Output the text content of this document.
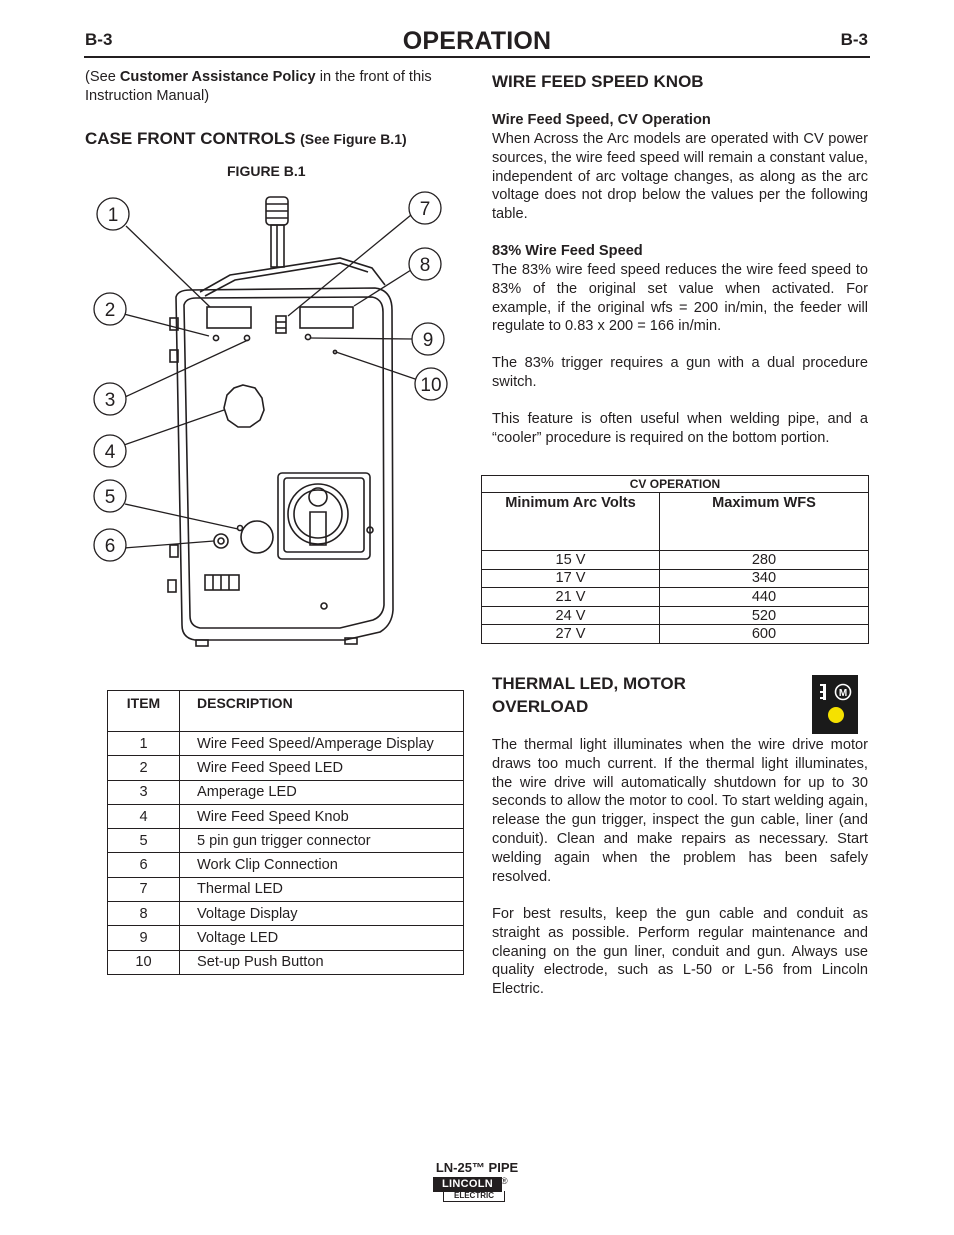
B-3	OPERATION	B-3
(See Customer Assistance Policy in the front of this Instruction Manual)
CASE FRONT CONTROLS (See Figure B.1)
FIGURE B.1
1
2
3
4
5
6
7
8
9
10
ITEM	DESCRIPTION
1	Wire Feed Speed/Amperage Display
2	Wire Feed Speed LED
3	Amperage LED
4	Wire Feed Speed Knob
5	5 pin gun trigger connector
6	Work Clip Connection
7	Thermal LED
8	Voltage Display
9	Voltage LED
10	Set-up Push Button
WIRE FEED SPEED KNOB
Wire Feed Speed, CV Operation

When Across the Arc models are operated with CV power sources, the wire feed speed will remain a constant value, independent of arc voltage changes, as along as the arc voltage does not drop below the values per the following table.

83% Wire Feed Speed

The 83% wire feed speed reduces the wire feed speed to 83% of the original set value when activated. For example, if the original wfs = 200 in/min, the feeder will regulate to 0.83 x 200 = 166 in/min.

The 83% trigger requires a gun with a dual procedure switch.

This feature is often useful when welding pipe, and a “cooler” procedure is required on the bottom portion.

CV OPERATION	
Minimum Arc Volts	Maximum WFS
15 V	280
17 V	340
21 V	440
24 V	520
27 V	600
THERMAL LED, MOTOR
OVERLOAD
M

The thermal light illuminates when the wire drive motor draws too much current. If the thermal light illuminates, the wire drive will automatically shutdown for up to 30 seconds to allow the motor to cool. To start welding again, release the gun trigger, inspect the gun cable, liner (and conduit). Clean and make repairs as necessary. Start welding again when the problem has been safely resolved.

For best results, keep the gun cable and conduit as straight as possible. Perform regular maintenance and cleaning on the gun liner, conduit and gun. Always use quality electrode, such as L-50 or L-56 from Lincoln Electric.

LN-25™ PIPE
LINCOLN ®
ELECTRIC
